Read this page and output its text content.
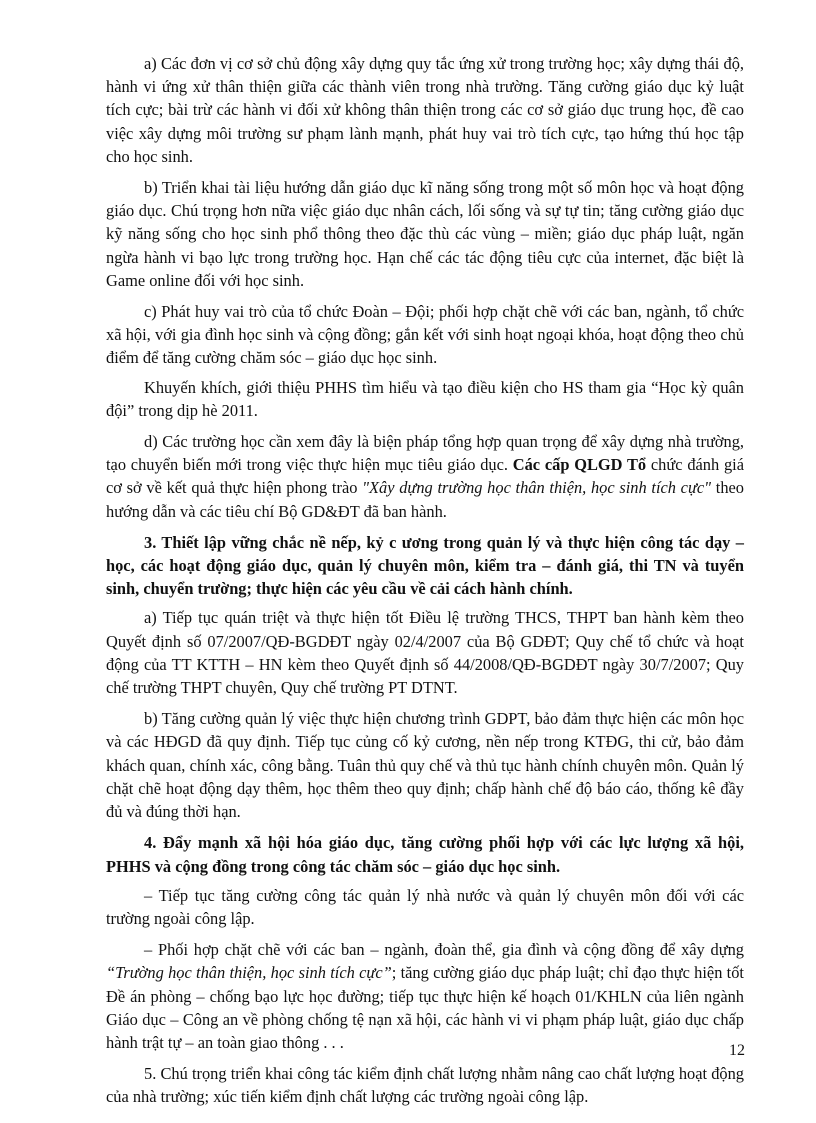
a) Các đơn vị cơ sở chủ động xây dựng quy tắc ứng xử trong trường học; xây dựng thái độ, hành vi ứng xử thân thiện giữa các thành viên trong nhà trường. Tăng cường giáo dục kỷ luật tích cực; bài trừ các hành vi đối xử không thân thiện trong các cơ sở giáo dục trung học, đề cao việc xây dựng môi trường sư phạm lành mạnh, phát huy vai trò tích cực, tạo hứng thú học tập cho học sinh.

b) Triển khai tài liệu hướng dẫn giáo dục kĩ năng sống trong một số môn học và hoạt động giáo dục. Chú trọng hơn nữa việc giáo dục nhân cách, lối sống và sự tự tin; tăng cường giáo dục kỹ năng sống cho học sinh phổ thông theo đặc thù các vùng – miền; giáo dục pháp luật, ngăn ngừa hành vi bạo lực trong trường học. Hạn chế các tác động tiêu cực của internet, đặc biệt là Game online đối với học sinh.

c) Phát huy vai trò của tổ chức Đoàn – Đội; phối hợp chặt chẽ với các ban, ngành, tổ chức xã hội, với gia đình học sinh và cộng đồng; gắn kết với sinh hoạt ngoại khóa, hoạt động theo chủ điểm để tăng cường chăm sóc – giáo dục học sinh.

Khuyến khích, giới thiệu PHHS tìm hiểu và tạo điều kiện cho HS tham gia “Học kỳ quân đội” trong dịp hè 2011.

d) Các trường học cần xem đây là biện pháp tổng hợp quan trọng để xây dựng nhà trường, tạo chuyển biến mới trong việc thực hiện mục tiêu giáo dục. Các cấp QLGD Tổ chức đánh giá cơ sở về kết quả thực hiện phong trào "Xây dựng trường học thân thiện, học sinh tích cực" theo hướng dẫn và các tiêu chí Bộ GD&ĐT đã ban hành.

3. Thiết lập vững chắc nề nếp, kỷ c ương trong quản lý và thực hiện công tác dạy – học, các hoạt động giáo dục, quản lý chuyên môn, kiểm tra – đánh giá, thi TN và tuyển sinh, chuyển trường; thực hiện các yêu cầu về cải cách hành chính.

a) Tiếp tục quán triệt và thực hiện tốt Điều lệ trường THCS, THPT ban hành kèm theo Quyết định số 07/2007/QĐ-BGDĐT ngày 02/4/2007 của Bộ GDĐT; Quy chế tổ chức và hoạt động của TT KTTH – HN kèm theo Quyết định số 44/2008/QĐ-BGDĐT ngày 30/7/2007; Quy chế trường THPT chuyên, Quy chế trường PT DTNT.

b) Tăng cường quản lý việc thực hiện chương trình GDPT, bảo đảm thực hiện các môn học và các HĐGD đã quy định. Tiếp tục củng cố kỷ cương, nền nếp trong KTĐG, thi cử, bảo đảm khách quan, chính xác, công bằng. Tuân thủ quy chế và thủ tục hành chính chuyên môn. Quản lý chặt chẽ hoạt động dạy thêm, học thêm theo quy định; chấp hành chế độ báo cáo, thống kê đầy đủ và đúng thời hạn.

4. Đẩy mạnh xã hội hóa giáo dục, tăng cường phối hợp với các lực lượng xã hội, PHHS và cộng đồng trong công tác chăm sóc – giáo dục học sinh.

– Tiếp tục tăng cường công tác quản lý nhà nước và quản lý chuyên môn đối với các trường ngoài công lập.

– Phối hợp chặt chẽ với các ban – ngành, đoàn thể, gia đình và cộng đồng để xây dựng “Trường học thân thiện, học sinh tích cực”; tăng cường giáo dục pháp luật; chỉ đạo thực hiện tốt Đề án phòng – chống bạo lực học đường; tiếp tục thực hiện kế hoạch 01/KHLN của liên ngành Giáo dục – Công an về phòng chống tệ nạn xã hội, các hành vi vi phạm pháp luật, giáo dục chấp hành trật tự – an toàn giao thông . . .

5. Chú trọng triển khai công tác kiểm định chất lượng nhằm nâng cao chất lượng hoạt động của nhà trường; xúc tiến kiểm định chất lượng các trường ngoài công lập.

12
